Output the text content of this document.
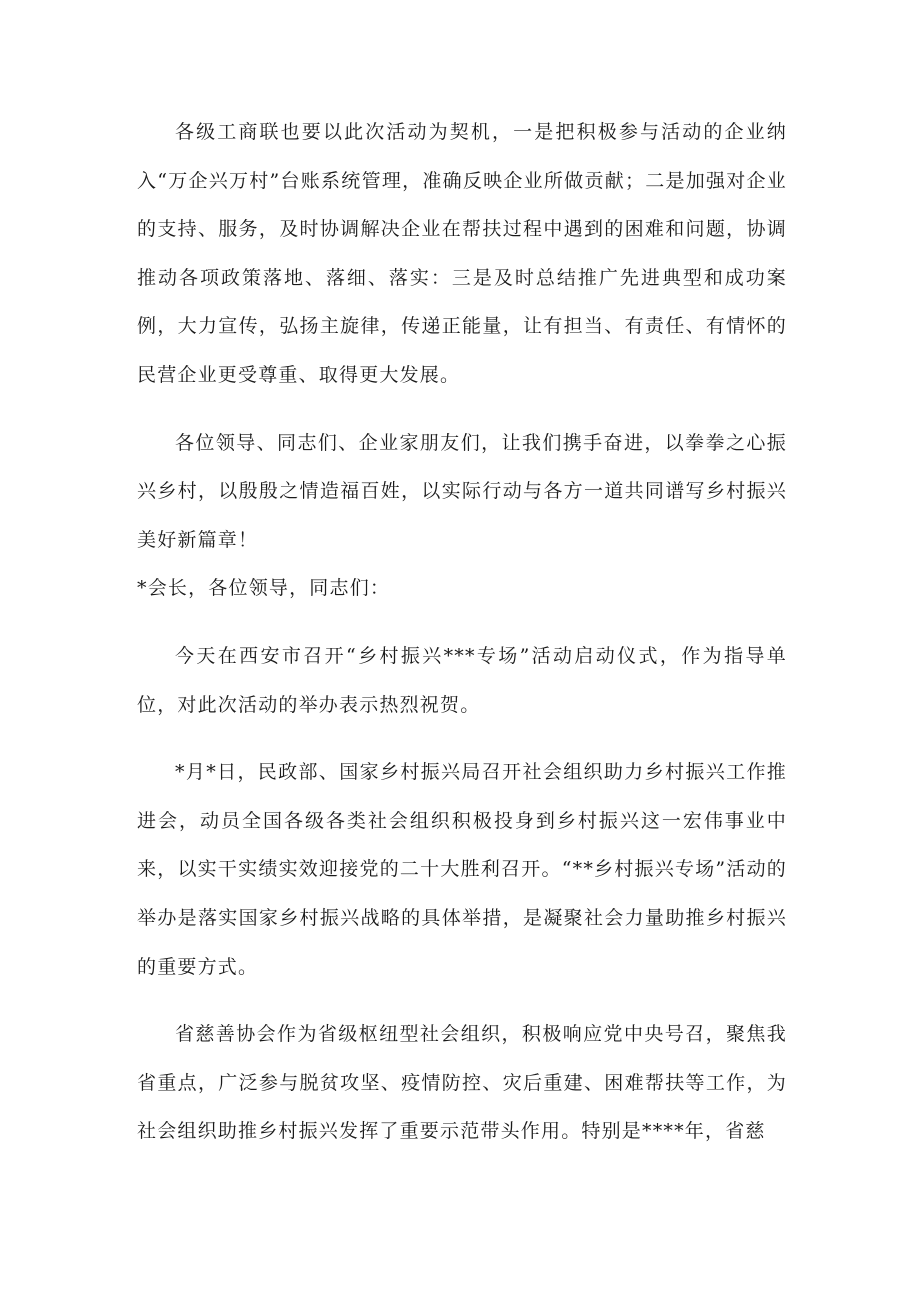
各级工商联也要以此次活动为契机，一是把积极参与活动的企业纳入“万企兴万村”台账系统管理，准确反映企业所做贡献；二是加强对企业的支持、服务，及时协调解决企业在帮扶过程中遇到的困难和问题，协调推动各项政策落地、落细、落实：三是及时总结推广先进典型和成功案例，大力宣传，弘扬主旋律，传递正能量，让有担当、有责任、有情怀的民营企业更受尊重、取得更大发展。

各位领导、同志们、企业家朋友们，让我们携手奋进，以拳拳之心振兴乡村，以殷殷之情造福百姓，以实际行动与各方一道共同谱写乡村振兴美好新篇章！

*会长，各位领导，同志们：

今天在西安市召开“乡村振兴***专场”活动启动仪式，作为指导单位，对此次活动的举办表示热烈祝贺。

*月*日，民政部、国家乡村振兴局召开社会组织助力乡村振兴工作推进会，动员全国各级各类社会组织积极投身到乡村振兴这一宏伟事业中来，以实干实绩实效迎接党的二十大胜利召开。“**乡村振兴专场”活动的举办是落实国家乡村振兴战略的具体举措，是凝聚社会力量助推乡村振兴的重要方式。

省慈善协会作为省级枢纽型社会组织，积极响应党中央号召，聚焦我省重点，广泛参与脱贫攻坚、疫情防控、灾后重建、困难帮扶等工作，为社会组织助推乡村振兴发挥了重要示范带头作用。特别是****年，省慈
